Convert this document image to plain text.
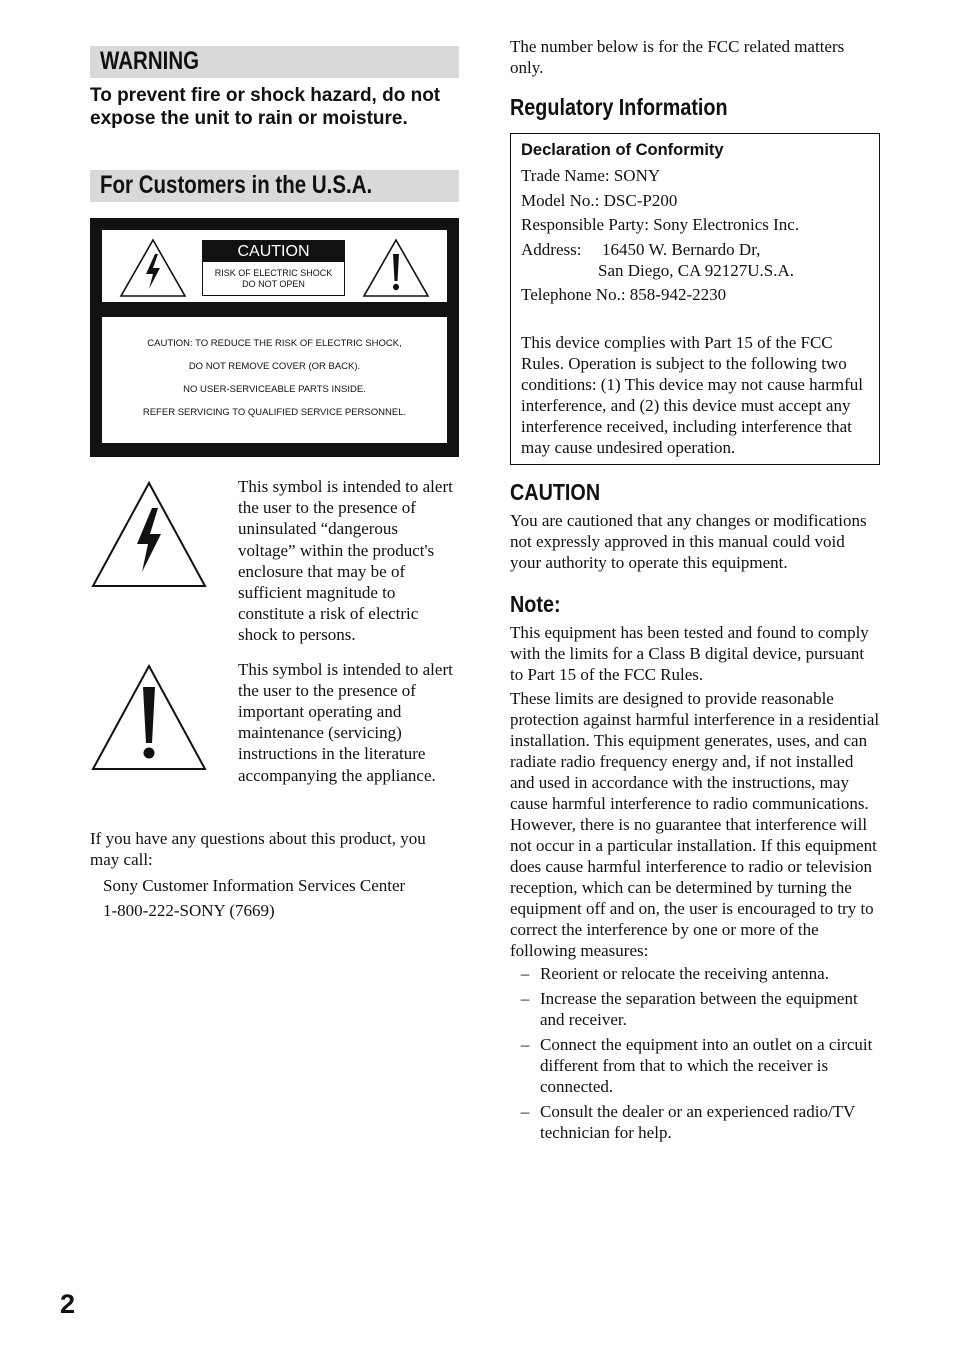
WARNING
To prevent fire or shock hazard, do not expose the unit to rain or moisture.
For Customers in the U.S.A.
CAUTION
RISK OF ELECTRIC SHOCK
DO NOT OPEN
CAUTION: TO REDUCE THE RISK OF ELECTRIC SHOCK,
DO NOT REMOVE COVER (OR BACK).
NO USER-SERVICEABLE PARTS INSIDE.
REFER SERVICING TO QUALIFIED SERVICE PERSONNEL.
This symbol is intended to alert the user to the presence of uninsulated “dangerous voltage” within the product's enclosure that may be of sufficient magnitude to constitute a risk of electric shock to persons.
This symbol is intended to alert the user to the presence of important operating and maintenance (servicing) instructions in the literature accompanying the appliance.

If you have any questions about this product, you may call:

Sony Customer Information Services Center

1-800-222-SONY (7669)

The number below is for the FCC related matters only.

Regulatory Information
Declaration of Conformity
Trade Name: SONY
Model No.: DSC-P200
Responsible Party: Sony Electronics Inc.
Address:	16450 W. Bernardo Dr,
San Diego, CA 92127U.S.A.
Telephone No.: 858-942-2230

This device complies with Part 15 of the FCC Rules. Operation is subject to the following two conditions: (1) This device may not cause harmful interference, and (2) this device must accept any interference received, including interference that may cause undesired operation.

CAUTION

You are cautioned that any changes or modifications not expressly approved in this manual could void your authority to operate this equipment.

Note:

This equipment has been tested and found to comply with the limits for a Class B digital device, pursuant to Part 15 of the FCC Rules.

These limits are designed to provide reasonable protection against harmful interference in a residential installation. This equipment generates, uses, and can radiate radio frequency energy and, if not installed and used in accordance with the instructions, may cause harmful interference to radio communications. However, there is no guarantee that interference will not occur in a particular installation. If this equipment does cause harmful interference to radio or television reception, which can be determined by turning the equipment off and on, the user is encouraged to try to correct the interference by one or more of the following measures:

– Reorient or relocate the receiving antenna.
– Increase the separation between the equipment and receiver.
– Connect the equipment into an outlet on a circuit different from that to which the receiver is connected.
– Consult the dealer or an experienced radio/TV technician for help.
2
